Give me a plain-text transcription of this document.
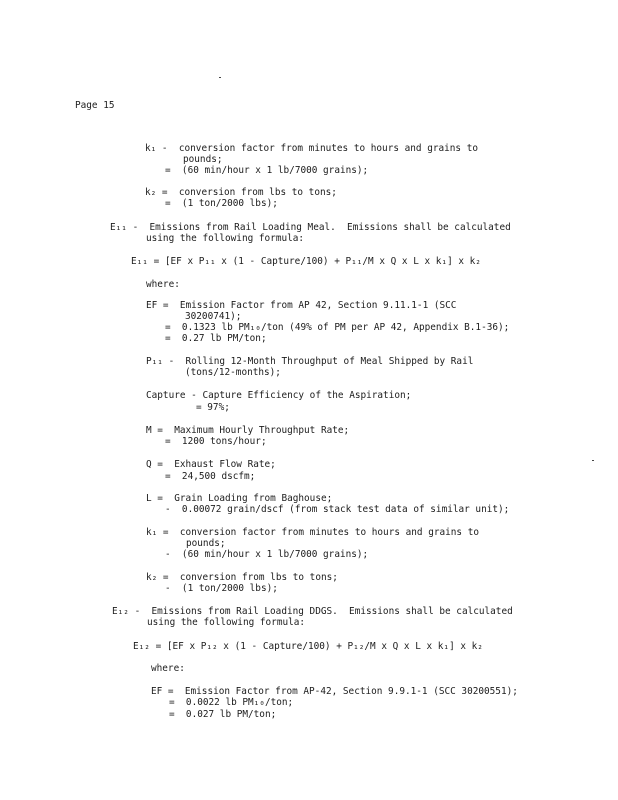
Page 15
k₁ -  conversion factor from minutes to hours and grains to
pounds;
=  (60 min/hour x 1 lb/7000 grains);
k₂ =  conversion from lbs to tons;
=  (1 ton/2000 lbs);
E₁₁ -  Emissions from Rail Loading Meal.  Emissions shall be calculated
using the following formula:
E₁₁ = [EF x P₁₁ x (1 - Capture/100) + P₁₁/M x Q x L x k₁] x k₂
where:
EF =  Emission Factor from AP 42, Section 9.11.1-1 (SCC
30200741);
=  0.1323 lb PM₁₀/ton (49% of PM per AP 42, Appendix B.1-36);
=  0.27 lb PM/ton;
P₁₁ -  Rolling 12-Month Throughput of Meal Shipped by Rail
(tons/12-months);
Capture - Capture Efficiency of the Aspiration;
= 97%;
M =  Maximum Hourly Throughput Rate;
=  1200 tons/hour;
Q =  Exhaust Flow Rate;
=  24,500 dscfm;
L =  Grain Loading from Baghouse;
-  0.00072 grain/dscf (from stack test data of similar unit);
k₁ =  conversion factor from minutes to hours and grains to
pounds;
-  (60 min/hour x 1 lb/7000 grains);
k₂ =  conversion from lbs to tons;
-  (1 ton/2000 lbs);
E₁₂ -  Emissions from Rail Loading DDGS.  Emissions shall be calculated
using the following formula:
E₁₂ = [EF x P₁₂ x (1 - Capture/100) + P₁₂/M x Q x L x k₁] x k₂
where:
EF =  Emission Factor from AP-42, Section 9.9.1-1 (SCC 30200551);
=  0.0022 lb PM₁₀/ton;
=  0.027 lb PM/ton;
